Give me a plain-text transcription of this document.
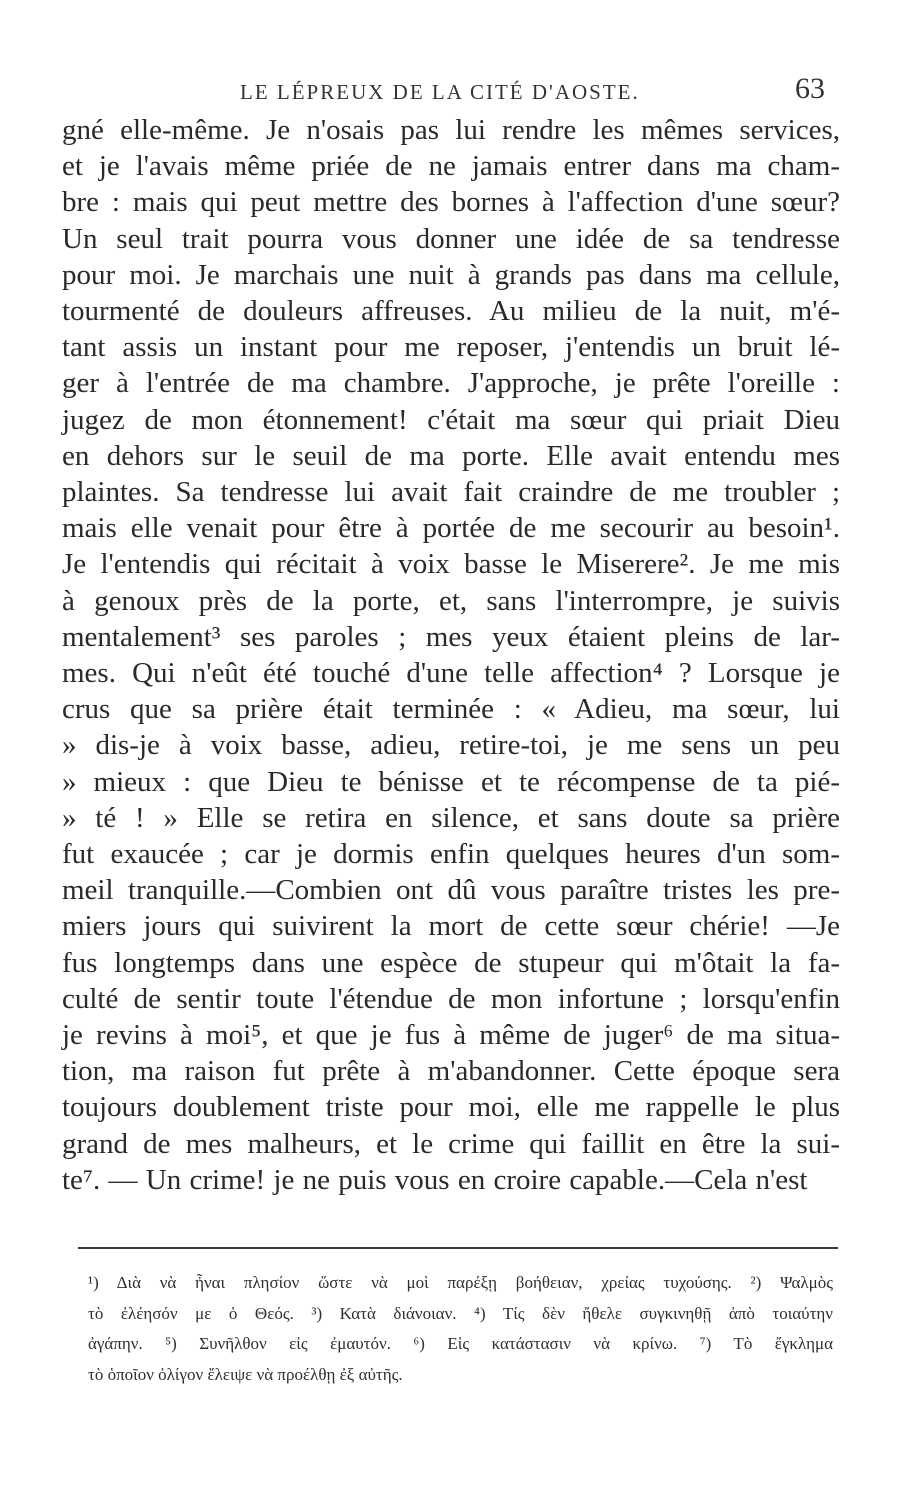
LE LÉPREUX DE LA CITÉ D'AOSTE.	63
gné elle-même. Je n'osais pas lui rendre les mêmes services,
et je l'avais même priée de ne jamais entrer dans ma cham-
bre : mais qui peut mettre des bornes à l'affection d'une sœur?
Un seul trait pourra vous donner une idée de sa tendresse
pour moi. Je marchais une nuit à grands pas dans ma cellule,
tourmenté de douleurs affreuses. Au milieu de la nuit, m'é-
tant assis un instant pour me reposer, j'entendis un bruit lé-
ger à l'entrée de ma chambre. J'approche, je prête l'oreille :
jugez de mon étonnement! c'était ma sœur qui priait Dieu
en dehors sur le seuil de ma porte. Elle avait entendu mes
plaintes. Sa tendresse lui avait fait craindre de me troubler ;
mais elle venait pour être à portée de me secourir au besoin¹.
Je l'entendis qui récitait à voix basse le Miserere². Je me mis
à genoux près de la porte, et, sans l'interrompre, je suivis
mentalement³ ses paroles ; mes yeux étaient pleins de lar-
mes. Qui n'eût été touché d'une telle affection⁴ ? Lorsque je
crus que sa prière était terminée : « Adieu, ma sœur, lui
» dis-je à voix basse, adieu, retire-toi, je me sens un peu
» mieux : que Dieu te bénisse et te récompense de ta pié-
» té ! » Elle se retira en silence, et sans doute sa prière
fut exaucée ; car je dormis enfin quelques heures d'un som-
meil tranquille.—Combien ont dû vous paraître tristes les pre-
miers jours qui suivirent la mort de cette sœur chérie! —Je
fus longtemps dans une espèce de stupeur qui m'ôtait la fa-
culté de sentir toute l'étendue de mon infortune ; lorsqu'enfin
je revins à moi⁵, et que je fus à même de juger⁶ de ma situa-
tion, ma raison fut prête à m'abandonner. Cette époque sera
toujours doublement triste pour moi, elle me rappelle le plus
grand de mes malheurs, et le crime qui faillit en être la sui-
te⁷. — Un crime! je ne puis vous en croire capable.—Cela n'est
¹) Διὰ νὰ ἦναι πλησίον ὥστε νὰ μοὶ παρέξῃ βοήθειαν, χρείας τυχούσης. ²) Ψαλμὸς
τὸ ἐλέησόν με ὁ Θεός. ³) Κατὰ διάνοιαν. ⁴) Τίς δὲν ἤθελε συγκινηθῇ ἀπὸ τοιαύτην
ἀγάπην. ⁵) Συνῆλθον εἰς ἐμαυτόν. ⁶) Εἰς κατάστασιν νὰ κρίνω. ⁷) Τὸ ἔγκλημα
τὸ ὁποῖον ὀλίγον ἔλειψε νὰ προέλθῃ ἐξ αὐτῆς.
